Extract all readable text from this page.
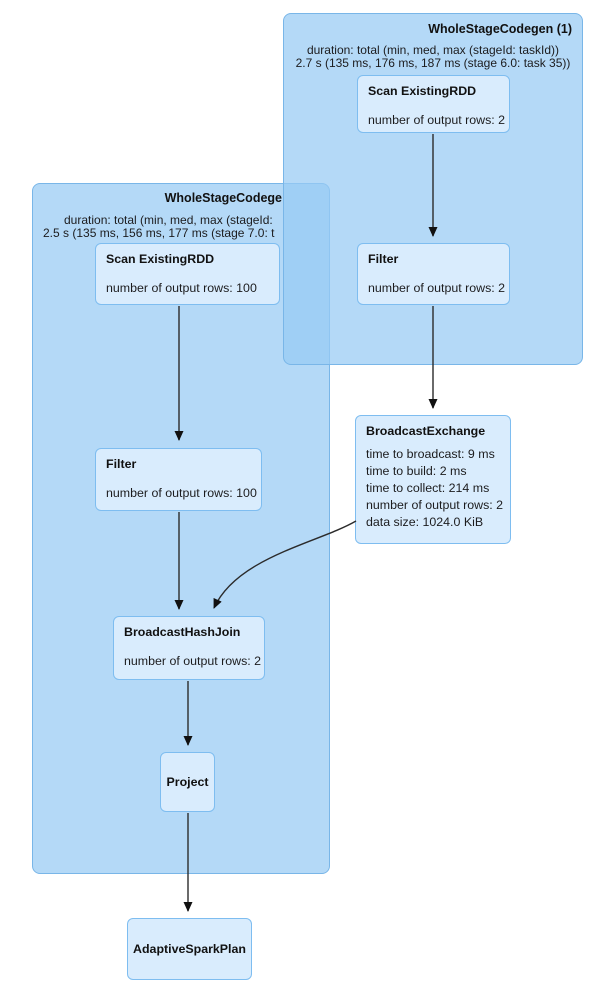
WholeStageCodege
duration: total (min, med, max (stageId:
2.5 s (135 ms, 156 ms, 177 ms (stage 7.0: t
WholeStageCodegen (1)
duration: total (min, med, max (stageId: taskId))
2.7 s (135 ms, 176 ms, 187 ms (stage 6.0: task 35))
Scan ExistingRDD
number of output rows: 2
Filter
number of output rows: 2
Scan ExistingRDD
number of output rows: 100
Filter
number of output rows: 100
BroadcastExchange
time to broadcast: 9 ms
time to build: 2 ms
time to collect: 214 ms
number of output rows: 2
data size: 1024.0 KiB
BroadcastHashJoin
number of output rows: 2
Project
AdaptiveSparkPlan
